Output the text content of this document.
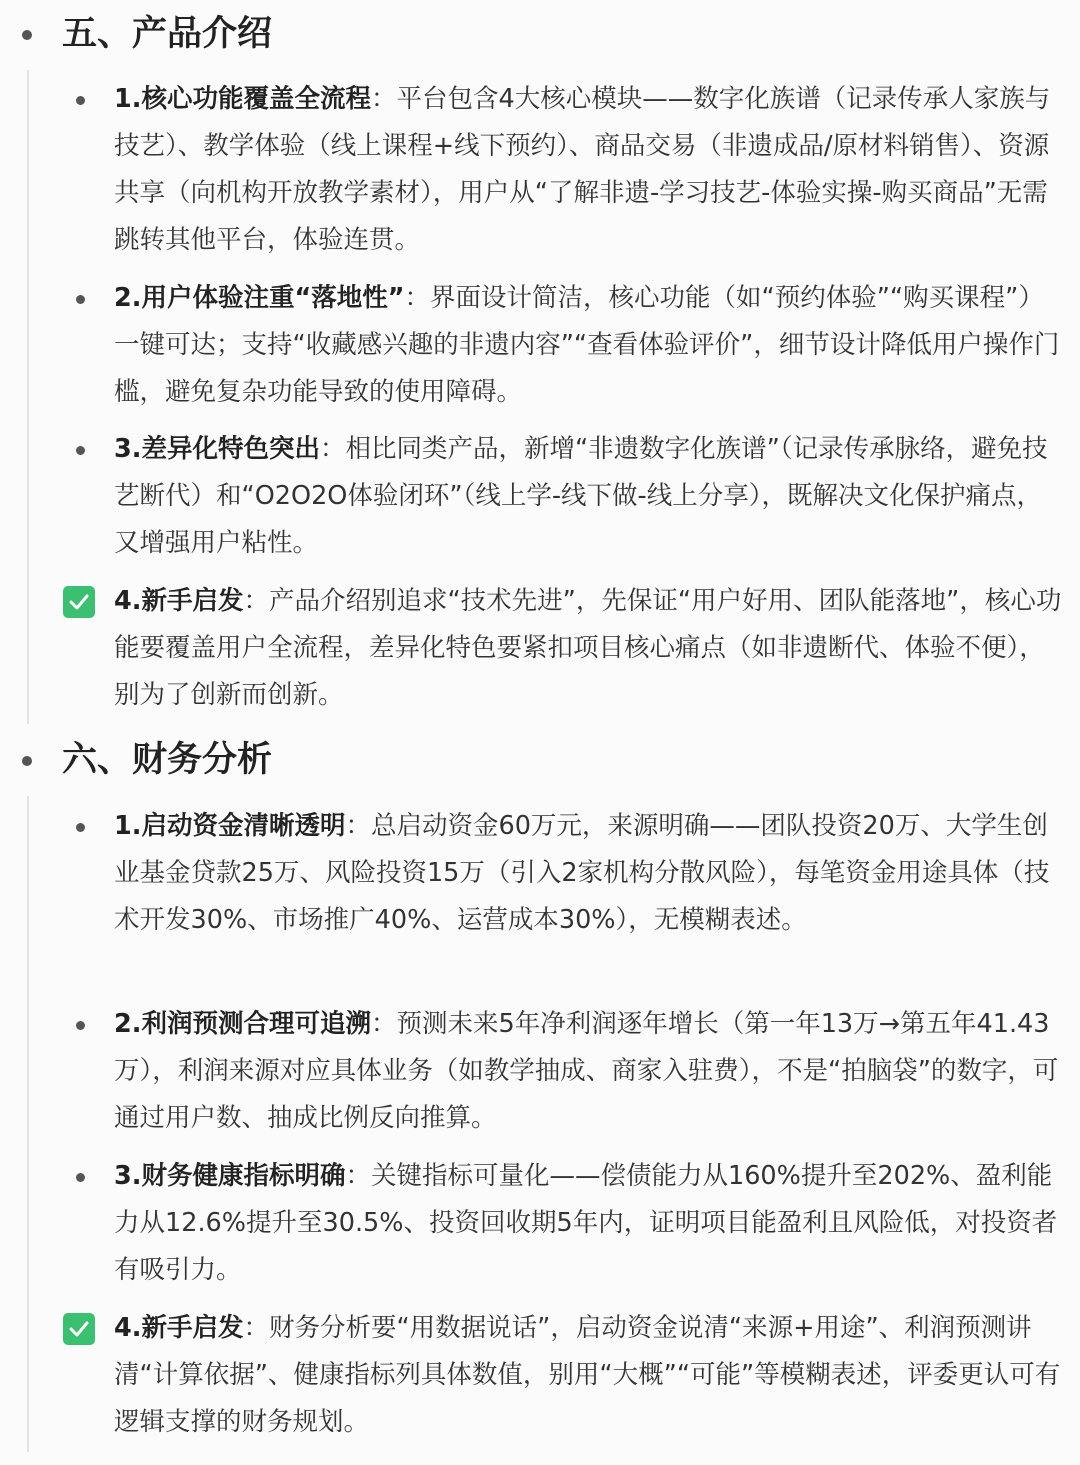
五、产品介绍
1.核心功能覆盖全流程：平台包含4大核心模块——数字化族谱（记录传承人家族与技艺）、教学体验（线上课程+线下预约）、商品交易（非遗成品/原材料销售）、资源共享（向机构开放教学素材），用户从“了解非遗-学习技艺-体验实操-购买商品”无需跳转其他平台，体验连贯。
2.用户体验注重“落地性”：界面设计简洁，核心功能（如“预约体验”“购买课程”）一键可达；支持“收藏感兴趣的非遗内容”“查看体验评价”，细节设计降低用户操作门槛，避免复杂功能导致的使用障碍。
3.差异化特色突出：相比同类产品，新增“非遗数字化族谱”（记录传承脉络，避免技艺断代）和“O2O2O体验闭环”（线上学-线下做-线上分享），既解决文化保护痛点，又增强用户粘性。
4.新手启发：产品介绍别追求“技术先进”，先保证“用户好用、团队能落地”，核心功能要覆盖用户全流程，差异化特色要紧扣项目核心痛点（如非遗断代、体验不便），别为了创新而创新。
六、财务分析
1.启动资金清晰透明：总启动资金60万元，来源明确——团队投资20万、大学生创业基金贷款25万、风险投资15万（引入2家机构分散风险），每笔资金用途具体（技术开发30%、市场推广40%、运营成本30%），无模糊表述。
2.利润预测合理可追溯：预测未来5年净利润逐年增长（第一年13万→第五年41.43万），利润来源对应具体业务（如教学抽成、商家入驻费），不是“拍脑袋”的数字，可通过用户数、抽成比例反向推算。
3.财务健康指标明确：关键指标可量化——偿债能力从160%提升至202%、盈利能力从12.6%提升至30.5%、投资回收期5年内，证明项目能盈利且风险低，对投资者有吸引力。
4.新手启发：财务分析要“用数据说话”，启动资金说清“来源+用途”、利润预测讲清“计算依据”、健康指标列具体数值，别用“大概”“可能”等模糊表述，评委更认可有逻辑支撑的财务规划。
